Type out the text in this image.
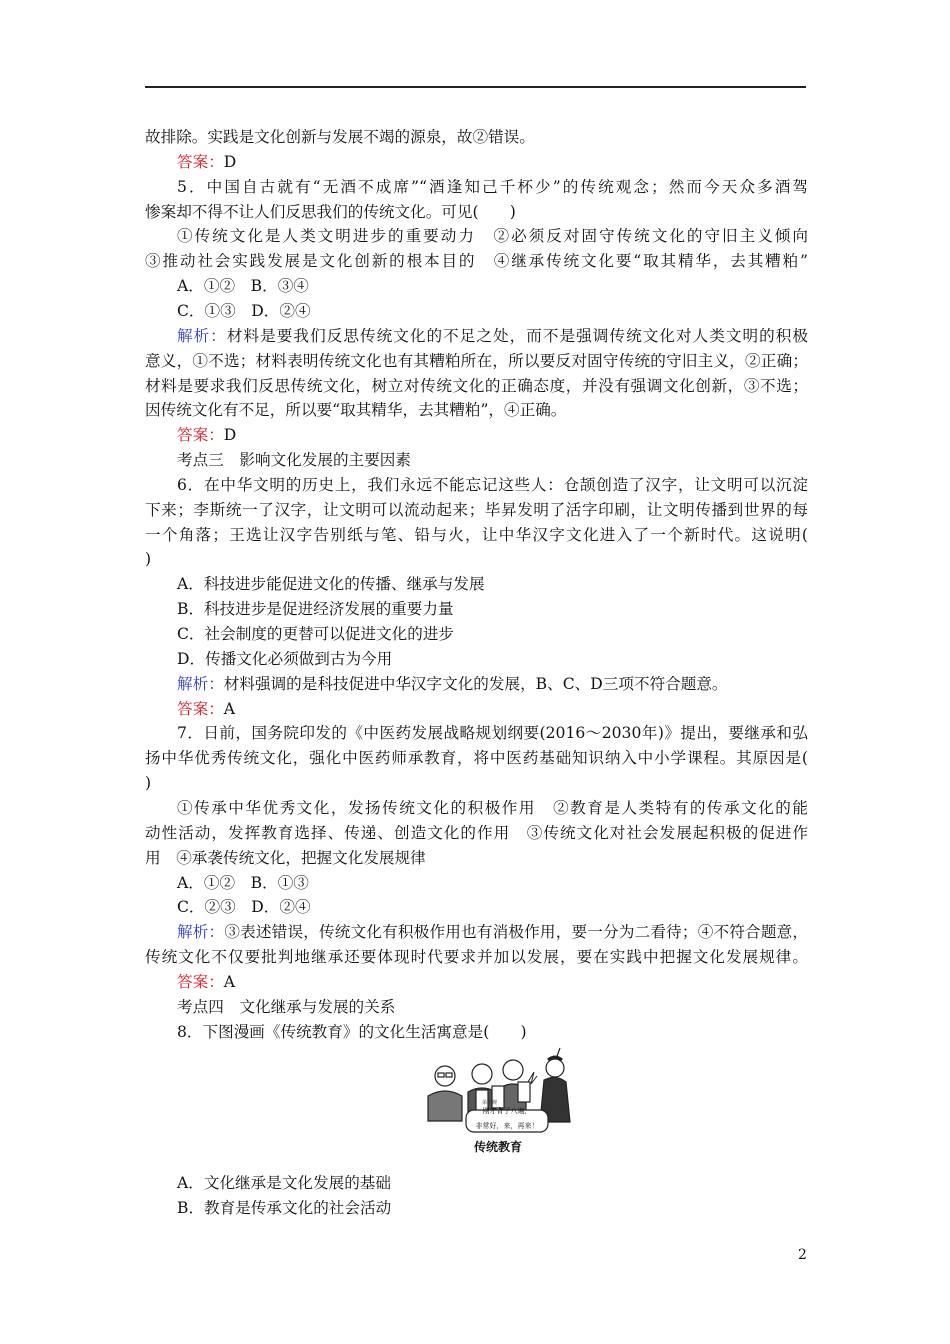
故排除。实践是文化创新与发展不竭的源泉，故②错误。
答案：D
5．中国自古就有“无酒不成席”“酒逢知己千杯少”的传统观念；然而今天众多酒驾
惨案却不得不让人们反思我们的传统文化。可见(　　)
①传统文化是人类文明进步的重要动力　②必须反对固守传统文化的守旧主义倾向
③推动社会实践发展是文化创新的根本目的　④继承传统文化要“取其精华，去其糟粕”
A．①②　B．③④
C．①③　D．②④
解析：材料是要我们反思传统文化的不足之处，而不是强调传统文化对人类文明的积极
意义，①不选；材料表明传统文化也有其糟粕所在，所以要反对固守传统的守旧主义，②正确；
材料是要求我们反思传统文化，树立对传统文化的正确态度，并没有强调文化创新，③不选；
因传统文化有不足，所以要“取其精华，去其糟粕”，④正确。
答案：D
考点三　影响文化发展的主要因素
6．在中华文明的历史上，我们永远不能忘记这些人：仓颉创造了汉字，让文明可以沉淀
下来；李斯统一了汉字，让文明可以流动起来；毕昇发明了活字印刷，让文明传播到世界的每
一个角落；王选让汉字告别纸与笔、铅与火，让中华汉字文化进入了一个新时代。这说明(
)
A．科技进步能促进文化的传播、继承与发展
B．科技进步是促进经济发展的重要力量
C．社会制度的更替可以促进文化的进步
D．传播文化必须做到古为今用
解析：材料强调的是科技促进中华汉字文化的发展，B、C、D三项不符合题意。
答案：A
7．日前，国务院印发的《中医药发展战略规划纲要(2016～2030年)》提出，要继承和弘
扬中华优秀传统文化，强化中医药师承教育，将中医药基础知识纳入中小学课程。其原因是(
)
①传承中华优秀文化，发扬传统文化的积极作用　②教育是人类特有的传承文化的能
动性活动，发挥教育选择、传递、创造文化的作用　③传统文化对社会发展起积极的促进作
用　④承袭传统文化，把握文化发展规律
A．①②　B．①③
C．②③　D．②④
解析：③表述错误，传统文化有积极作用也有消极作用，要一分为二看待；④不符合题意，
传统文化不仅要批判地继承还要体现时代要求并加以发展，要在实践中把握文化发展规律。
答案：A
考点四　文化继承与发展的关系
8．下图漫画《传统教育》的文化生活寓意是(　　)
弟子规
刚才背了八遍，
非常好，来，再来！
传统教育
A．文化继承是文化发展的基础
B．教育是传承文化的社会活动
2
